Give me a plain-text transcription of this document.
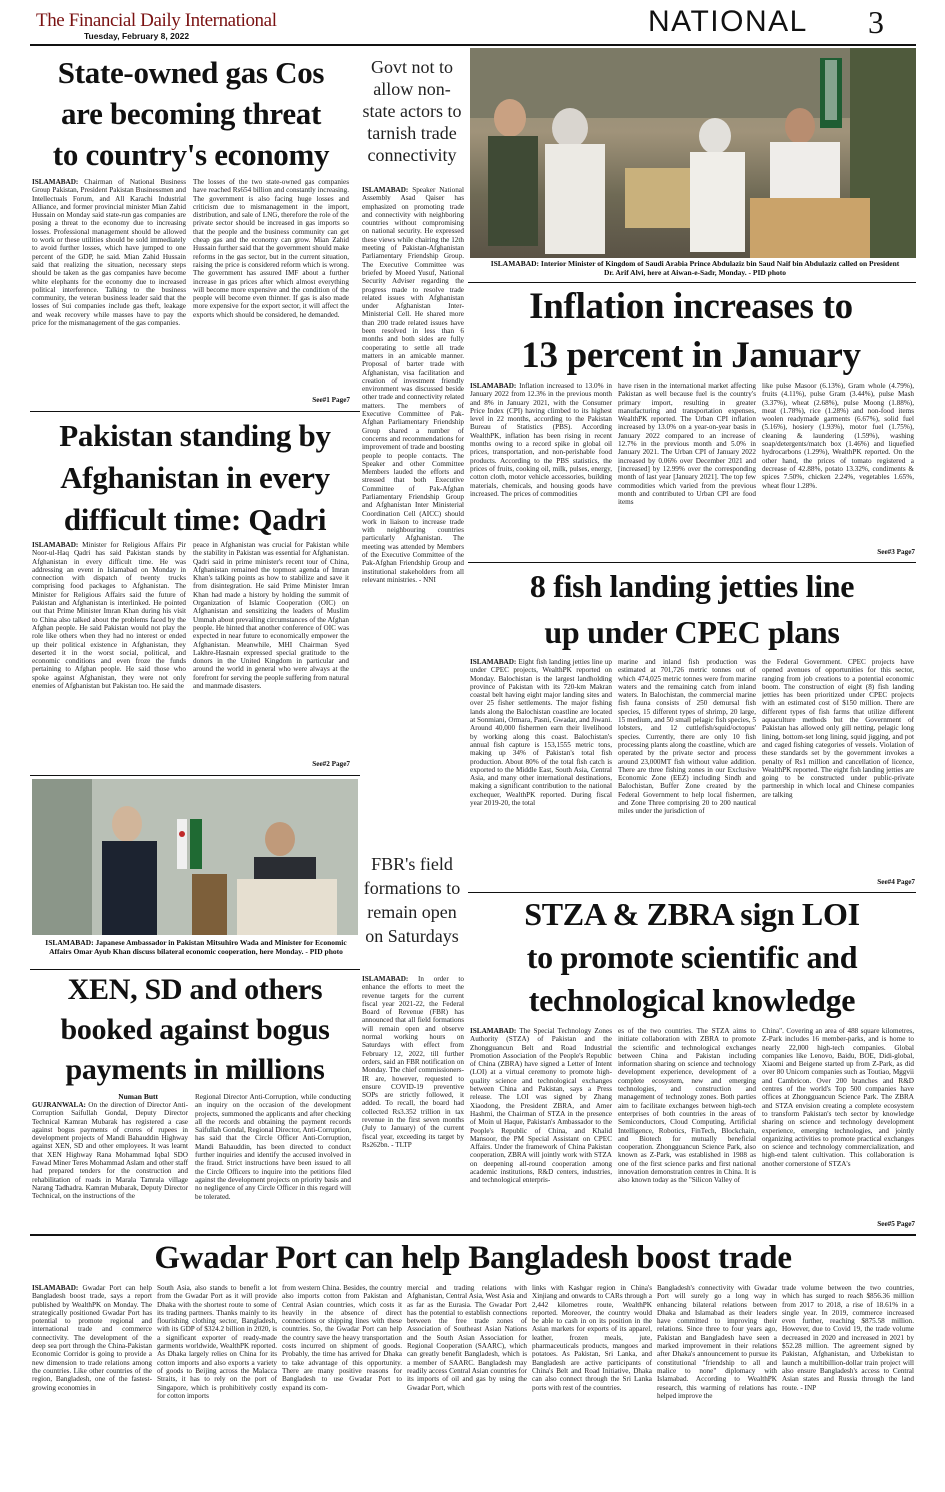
The Financial Daily International
Tuesday, February 8, 2022	NATIONAL 3
State-owned gas Cos
are becoming threat
to country's economy
ISLAMABAD: Chairman of National Business Group Pakistan, President Pakistan Businessmen and Intellectuals Forum, and All Karachi Industrial Alliance, and former provincial minister Mian Zahid Hussain on Monday said state-run gas companies are posing a threat to the economy due to increasing losses. Professional management should be allowed to work or these utilities should be sold immediately to avoid further losses, which have jumped to one percent of the GDP, he said. Mian Zahid Hussain said that realizing the situation, necessary steps should be taken as the gas companies have become white elephants for the economy due to increased political interference. Talking to the business community, the veteran business leader said that the losses of Sui companies include gas theft, leakage and weak recovery while masses have to pay the price for the mismanagement of the gas companies.
The losses of the two state-owned gas companies have reached Rs654 billion and constantly increasing. The government is also facing huge losses and criticism due to mismanagement in the import, distribution, and sale of LNG, therefore the role of the private sector should be increased in gas imports so that the people and the business community can get cheap gas and the economy can grow. Mian Zahid Hussain further said that the government should make reforms in the gas sector, but in the current situation, raising the price is considered reform which is wrong. The government has assured IMF about a further increase in gas prices after which almost everything will become more expensive and the condition of the people will become even thinner. If gas is also made more expensive for the export sector, it will affect the exports which should be considered, he demanded.
See#1 Page7
Govt not to allow non-state actors to tarnish trade connectivity
ISLAMABAD: Speaker National Assembly Asad Qaiser has emphasized on promoting trade and connectivity with neighboring countries without compromising on national security. He expressed these views while chairing the 12th meeting of Pakistan-Afghanistan Parliamentary Friendship Group. The Executive Committee was briefed by Moeed Yusuf, National Security Adviser regarding the progress made to resolve trade related issues with Afghanistan under Afghanistan Inter-Ministerial Cell. He shared more than 200 trade related issues have been resolved in less than 6 months and both sides are fully cooperating to settle all trade matters in an amicable manner. Proposal of barter trade with Afghanistan, visa facilitation and creation of investment friendly environment was discussed beside other trade and connectivity related matters. The members of Executive Committee of Pak-Afghan Parliamentary Friendship Group shared a number of concerns and recommendations for improvement of trade and boosting people to people contacts. The Speaker and other Committee Members lauded the efforts and stressed that both Executive Committee of Pak-Afghan Parliamentary Friendship Group and Afghanistan Inter Ministerial Coordination Cell (AICC) should work in liaison to increase trade with neighbouring countries particularly Afghanistan. The meeting was attended by Members of the Executive Committee of the Pak-Afghan Friendship Group and institutional stakeholders from all relevant ministries. - NNI
ISLAMABAD: Interior Minister of Kingdom of Saudi Arabia Prince Abdulaziz bin Saud Naif bin Abdulaziz called on President Dr. Arif Alvi, here at Aiwan-e-Sadr, Monday. - PID photo
Inflation increases to
13 percent in January
ISLAMABAD: Inflation increased to 13.0% in January 2022 from 12.3% in the previous month and 8% in January 2021, with the Consumer Price Index (CPI) having climbed to its highest level in 22 months, according to the Pakistan Bureau of Statistics (PBS). According WealthPK, inflation has been rising in recent months owing to a record spike in global oil prices, transportation, and non-perishable food products. According to the PBS statistics, the prices of fruits, cooking oil, milk, pulses, energy, cotton cloth, motor vehicle accessories, building materials, chemicals, and housing goods have increased. The prices of commodities
have risen in the international market affecting Pakistan as well because fuel is the country's primary import, resulting in greater manufacturing and transportation expenses, WealthPK reported. The Urban CPI inflation increased by 13.0% on a year-on-year basis in January 2022 compared to an increase of 12.7% in the previous month and 5.0% in January 2021. The Urban CPI of January 2022 increased by 0.06% over December 2021 and [increased] by 12.99% over the corresponding month of last year [January 2021]. The top few commodities which varied from the previous month and contributed to Urban CPI are food items
like pulse Masoor (6.13%), Gram whole (4.79%), fruits (4.11%), pulse Gram (3.44%), pulse Mash (3.37%), wheat (2.68%), pulse Moong (1.88%), meat (1.78%), rice (1.28%) and non-food items woolen readymade garments (6.67%), solid fuel (5.16%), hosiery (1.93%), motor fuel (1.75%), cleaning & laundering (1.59%), washing soap/detergents/match box (1.46%) and liquefied hydrocarbons (1.29%), WealthPK reported. On the other hand, the prices of tomato registered a decrease of 42.88%, potato 13.32%, condiments & spices 7.50%, chicken 2.24%, vegetables 1.65%, wheat flour 1.28%.
See#3 Page7
Pakistan standing by
Afghanistan in every
difficult time: Qadri
ISLAMABAD: Minister for Religious Affairs Pir Noor-ul-Haq Qadri has said Pakistan stands by Afghanistan in every difficult time. He was addressing an event in Islamabad on Monday in connection with dispatch of twenty trucks comprising food packages to Afghanistan. The Minister for Religious Affairs said the future of Pakistan and Afghanistan is interlinked. He pointed out that Prime Minister Imran Khan during his visit to China also talked about the problems faced by the Afghan people. He said Pakistan would not play the role like others when they had no interest or ended up their political existence in Afghanistan, they deserted it in the worst social, political, and economic conditions and even froze the funds pertaining to Afghan people. He said those who spoke against Afghanistan, they were not only enemies of Afghanistan but Pakistan too. He said the
peace in Afghanistan was crucial for Pakistan while the stability in Pakistan was essential for Afghanistan. Qadri said in prime minister's recent tour of China, Afghanistan remained the topmost agenda of Imran Khan's talking points as how to stabilize and save it from disintegration. He said Prime Minister Imran Khan had made a history by holding the summit of Organization of Islamic Cooperation (OIC) on Afghanistan and sensitizing the leaders of Muslim Ummah about prevailing circumstances of the Afghan people. He hinted that another conference of OIC was expected in near future to economically empower the Afghanistan. Meanwhile, MHI Chairman Syed Lakhre-Hasnain expressed special gratitude to the donors in the United Kingdom in particular and around the world in general who were always at the forefront for serving the people suffering from natural and manmade disasters.
See#2 Page7
ISLAMABAD: Japanese Ambassador in Pakistan Mitsuhiro Wada and Minister for Economic Affairs Omar Ayub Khan discuss bilateral economic cooperation, here Monday. - PID photo
XEN, SD and others
booked against bogus
payments in millions
Numan Butt
GUJRANWALA: On the direction of Director Anti-Corruption Saifullah Gondal, Deputy Director Technical Kamran Mubarak has registered a case against bogus payments of crores of rupees in development projects of Mandi Bahauddin Highway against XEN, SD and other employees. It was learnt that XEN Highway Rana Mohammad Iqbal SDO Fawad Miner Teres Mohammad Aslam and other staff had prepared tenders for the construction and rehabilitation of roads in Marala Tamrala village Narang Tadhadra. Kamran Mubarak, Deputy Director Technical, on the instructions of the
Regional Director Anti-Corruption, while conducting an inquiry on the occasion of the development projects, summoned the applicants and after checking all the records and obtaining the payment records Saifullah Gondal, Regional Director, Anti-Corruption, has said that the Circle Officer Anti-Corruption, Mandi Bahauddin, has been directed to conduct further inquiries and identify the accused involved in the fraud. Strict instructions have been issued to all the Circle Officers to inquire into the petitions filed against the development projects on priority basis and no negligence of any Circle Officer in this regard will be tolerated.
FBR's field formations to remain open on Saturdays
ISLAMABAD: In order to enhance the efforts to meet the revenue targets for the current fiscal year 2021-22, the Federal Board of Revenue (FBR) has announced that all field formations will remain open and observe normal working hours on Saturdays with effect from February 12, 2022, till further orders, said an FBR notification on Monday. The chief commissioners-IR are, however, requested to ensure COVID-19 preventive SOPs are strictly followed, it added. To recall, the board had collected Rs3.352 trillion in tax revenue in the first seven months (July to January) of the current fiscal year, exceeding its target by Rs262bn. - TLTP
8 fish landing jetties line
up under CPEC plans
ISLAMABAD: Eight fish landing jetties line up under CPEC projects, WealthPK reported on Monday. Balochistan is the largest landholding province of Pakistan with its 720-km Makran coastal belt having eight major landing sites and over 25 fisher settlements. The major fishing lands along the Balochistan coastline are located at Sonmiani, Ormara, Pasni, Gwadar, and Jiwani. Around 40,000 fishermen earn their livelihood by working along this coast. Balochistan's annual fish capture is 153,1555 metric tons, making up 34% of Pakistan's total fish production. About 80% of the total fish catch is exported to the Middle East, South Asia, Central Asia, and many other international destinations, making a significant contribution to the national exchequer, WealthPK reported. During fiscal year 2019-20, the total
marine and inland fish production was estimated at 701,726 metric tonnes out of which 474,025 metric tonnes were from marine waters and the remaining catch from inland waters. In Balochistan, the commercial marine fish fauna consists of 250 demursal fish species, 15 different types of shrimp, 20 large, 15 medium, and 50 small pelagic fish species, 5 lobsters, and 12 cuttlefish/squid/octopus' species. Currently, there are only 10 fish processing plants along the coastline, which are operated by the private sector and process around 23,000MT fish without value addition. There are three fishing zones in our Exclusive Economic Zone (EEZ) including Sindh and Balochistan, Buffer Zone created by the Federal Government to help local fishermen, and Zone Three comprising 20 to 200 nautical miles under the jurisdiction of
the Federal Government. CPEC projects have opened avenues of opportunities for this sector, ranging from job creations to a potential economic boom. The construction of eight (8) fish landing jetties has been prioritized under CPEC projects with an estimated cost of $150 million. There are different types of fish farms that utilize different aquaculture methods but the Government of Pakistan has allowed only gill netting, pelagic long lining, bottom-set long lining, squid jigging, and pot and caged fishing categories of vessels. Violation of these standards set by the government invokes a penalty of Rs1 million and cancellation of licence, WealthPK reported. The eight fish landing jetties are going to be constructed under public-private partnership in which local and Chinese companies are talking
See#4 Page7
STZA & ZBRA sign LOI
to promote scientific and
technological knowledge
ISLAMABAD: The Special Technology Zones Authority (STZA) of Pakistan and the Zhongguancun Belt and Road Industrial Promotion Association of the People's Republic of China (ZBRA) have signed a Letter of Intent (LOI) at a virtual ceremony to promote high-quality science and technological exchanges between China and Pakistan, says a Press release. The LOI was signed by Zhang Xiaodong, the President ZBRA, and Amer Hashmi, the Chairman of STZA in the presence of Moin ul Haque, Pakistan's Ambassador to the People's Republic of China, and Khalid Mansoor, the PM Special Assistant on CPEC Affairs. Under the framework of China Pakistan cooperation, ZBRA will jointly work with STZA on deepening all-round cooperation among academic institutions, R&D centers, industries, and technological enterpris-
es of the two countries. The STZA aims to initiate collaboration with ZBRA to promote the scientific and technological exchanges between China and Pakistan including information sharing on science and technology development experience, development of a complete ecosystem, new and emerging technologies, and construction and management of technology zones. Both parties aim to facilitate exchanges between high-tech enterprises of both countries in the areas of Semiconductors, Cloud Computing, Artificial Intelligence, Robotics, FinTech, Blockchain, and Biotech for mutually beneficial cooperation. Zhongguancun Science Park, also known as Z-Park, was established in 1988 as one of the first science parks and first national innovation demonstration centres in China. It is also known today as the "Silicon Valley of
China". Covering an area of 488 square kilometres, Z-Park includes 16 member-parks, and is home to nearly 22,000 high-tech companies. Global companies like Lenovo, Baidu, BOE, Didi-global, Xiaomi and Beigene started up from Z-Park, as did over 80 Unicorn companies such as Toutiao, Mggvii and Cambricon. Over 200 branches and R&D centres of the world's Top 500 companies have offices at Zhongguancun Science Park. The ZBRA and STZA envision creating a complete ecosystem to transform Pakistan's tech sector by knowledge sharing on science and technology development experience, emerging technologies, and jointly organizing activities to promote practical exchanges on science and technology commercialization, and high-end talent cultivation. This collaboration is another cornerstone of STZA's
See#5 Page7
Gwadar Port can help Bangladesh boost trade
ISLAMABAD: Gwadar Port can help Bangladesh boost trade, says a report published by WealthPK on Monday. The strategically positioned Gwadar Port has potential to promote regional and international trade and commerce connectivity. The development of the deep sea port through the China-Pakistan Economic Corridor is going to provide a new dimension to trade relations among the countries. Like other countries of the region, Bangladesh, one of the fastest-growing economies in
South Asia, also stands to benefit a lot from the Gwadar Port as it will provide Dhaka with the shortest route to some of its trading partners. Thanks mainly to its flourishing clothing sector, Bangladesh, with its GDP of $324.2 billion in 2020, is a significant exporter of ready-made garments worldwide, WealthPK reported. As Dhaka largely relies on China for its cotton imports and also exports a variety of goods to Beijing across the Malacca Straits, it has to rely on the port of Singapore, which is prohibitively costly for cotton imports
from western China. Besides, the country also imports cotton from Pakistan and Central Asian countries, which costs it heavily in the absence of direct connections or shipping lines with these countries. So, the Gwadar Port can help the country save the heavy transportation costs incurred on shipment of goods. Probably, the time has arrived for Dhaka to take advantage of this opportunity. There are many positive reasons for Bangladesh to use Gwadar Port to expand its com-
mercial and trading relations with Afghanistan, Central Asia, West Asia and as far as the Eurasia. The Gwadar Port has the potential to establish connections between the free trade zones of Association of Southeast Asian Nations and the South Asian Association for Regional Cooperation (SAARC), which can greatly benefit Bangladesh, which is a member of SAARC. Bangladesh may readily access Central Asian countries for its imports of oil and gas by using the Gwadar Port, which
links with Kashgar region in China's Xinjiang and onwards to CARs through a 2,442 kilometres route, WealthPK reported. Moreover, the country would be able to cash in on its position in the Asian markets for exports of its apparel, leather, frozen meals, jute, pharmaceuticals products, mangoes and potatoes. As Pakistan, Sri Lanka, and Bangladesh are active participants of China's Belt and Road Initiative, Dhaka can also connect through the Sri Lanka ports with rest of the countries.
Bangladesh's connectivity with Gwadar Port will surely go a long way in enhancing bilateral relations between Dhaka and Islamabad as their leaders have committed to improving their relations. Since three to four years ago, Pakistan and Bangladesh have seen a marked improvement in their relations after Dhaka's announcement to pursue its constitutional "friendship to all and malice to none" diplomacy with Islamabad. According to WealthPK research, this warming of relations has helped improve the
trade volume between the two countries, which has surged to reach $856.36 million from 2017 to 2018, a rise of 18.61% in a single year. In 2019, commerce increased even further, reaching $875.58 million. However, due to Covid 19, the trade volume decreased in 2020 and increased in 2021 by $52.28 million. The agreement signed by Pakistan, Afghanistan, and Uzbekistan to launch a multibillion-dollar train project will also ensure Bangladesh's access to Central Asian states and Russia through the land route. - INP
